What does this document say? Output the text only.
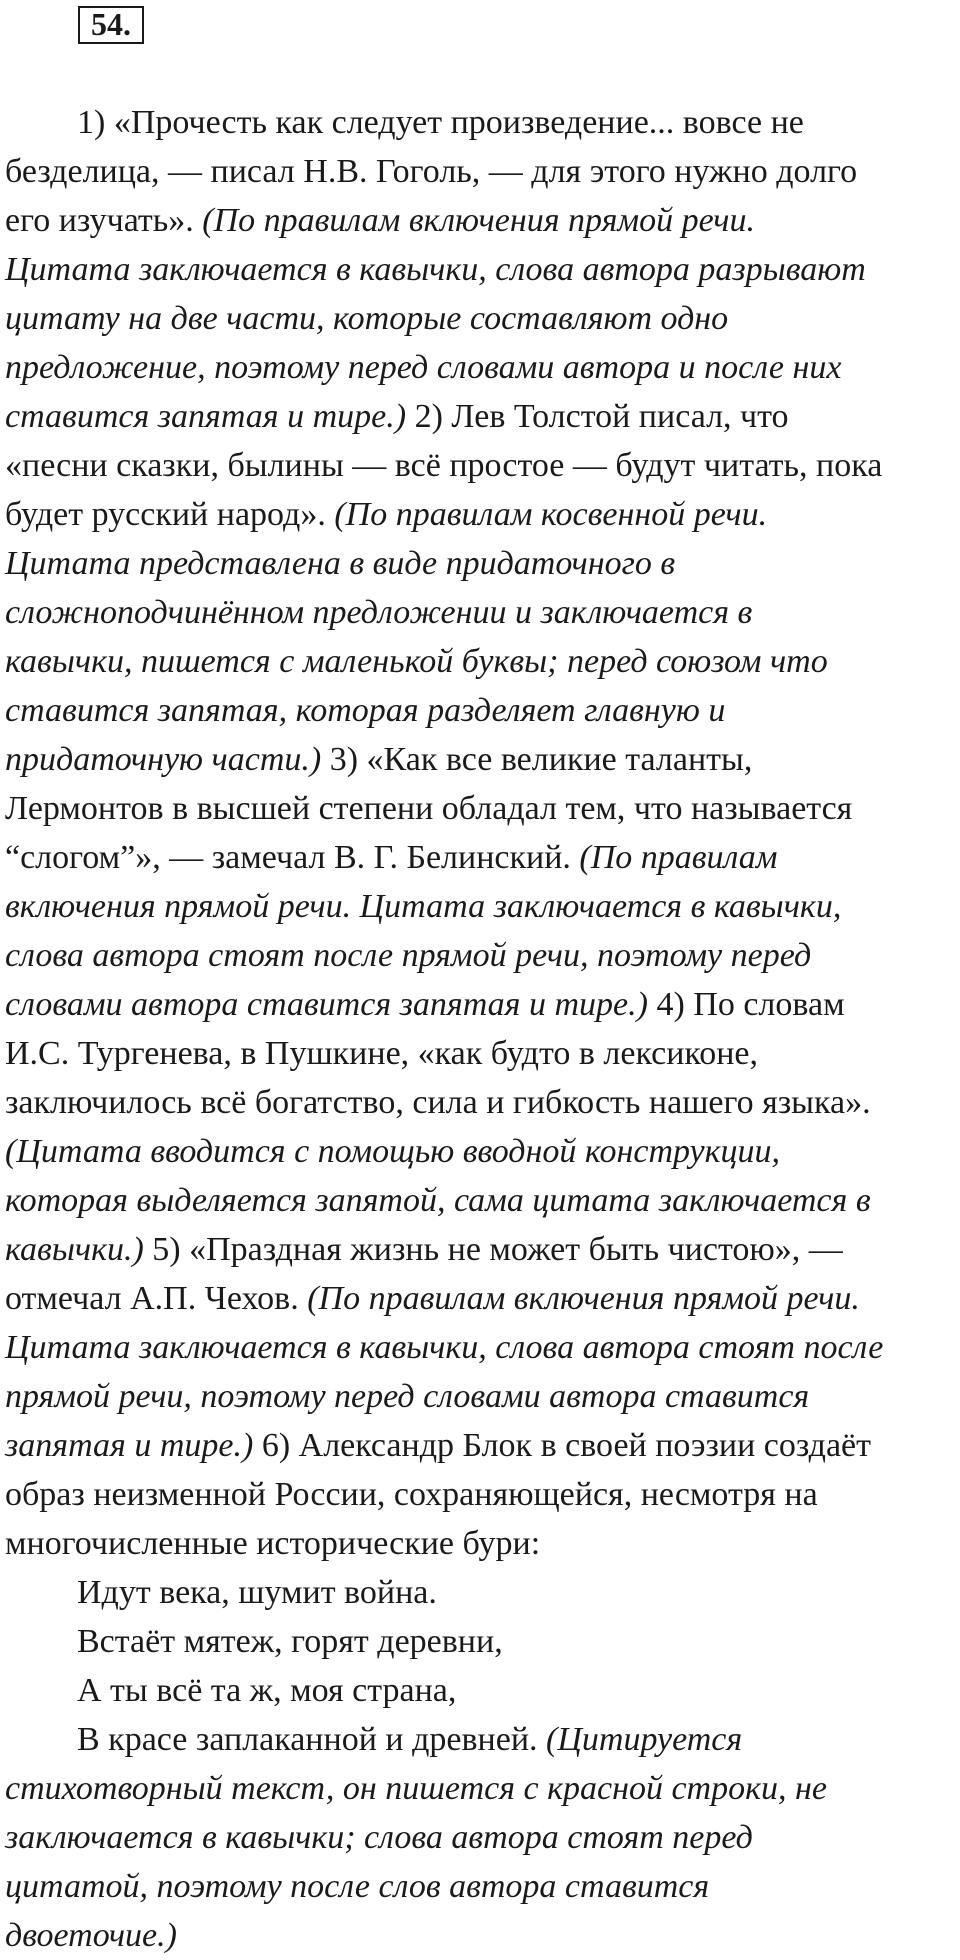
54.
1) «Прочесть как следует произведение... вовсе не
безделица, — писал Н.В. Гоголь, — для этого нужно долго
его изучать». (По правилам включения прямой речи.
Цитата заключается в кавычки, слова автора разрывают
цитату на две части, которые составляют одно
предложение, поэтому перед словами автора и после них
ставится запятая и тире.) 2) Лев Толстой писал, что
«песни сказки, былины — всё простое — будут читать, пока
будет русский народ». (По правилам косвенной речи.
Цитата представлена в виде придаточного в
сложноподчинённом предложении и заключается в
кавычки, пишется с маленькой буквы; перед союзом что
ставится запятая, которая разделяет главную и
придаточную части.) 3) «Как все великие таланты,
Лермонтов в высшей степени обладал тем, что называется
“слогом”», — замечал В. Г. Белинский. (По правилам
включения прямой речи. Цитата заключается в кавычки,
слова автора стоят после прямой речи, поэтому перед
словами автора ставится запятая и тире.) 4) По словам
И.С. Тургенева, в Пушкине, «как будто в лексиконе,
заключилось всё богатство, сила и гибкость нашего языка».
(Цитата вводится с помощью вводной конструкции,
которая выделяется запятой, сама цитата заключается в
кавычки.) 5) «Праздная жизнь не может быть чистою», —
отмечал А.П. Чехов. (По правилам включения прямой речи.
Цитата заключается в кавычки, слова автора стоят после
прямой речи, поэтому перед словами автора ставится
запятая и тире.) 6) Александр Блок в своей поэзии создаёт
образ неизменной России, сохраняющейся, несмотря на
многочисленные исторические бури:
Идут века, шумит война.
Встаёт мятеж, горят деревни,
А ты всё та ж, моя страна,
В красе заплаканной и древней. (Цитируется
стихотворный текст, он пишется с красной строки, не
заключается в кавычки; слова автора стоят перед
цитатой, поэтому после слов автора ставится
двоеточие.)
